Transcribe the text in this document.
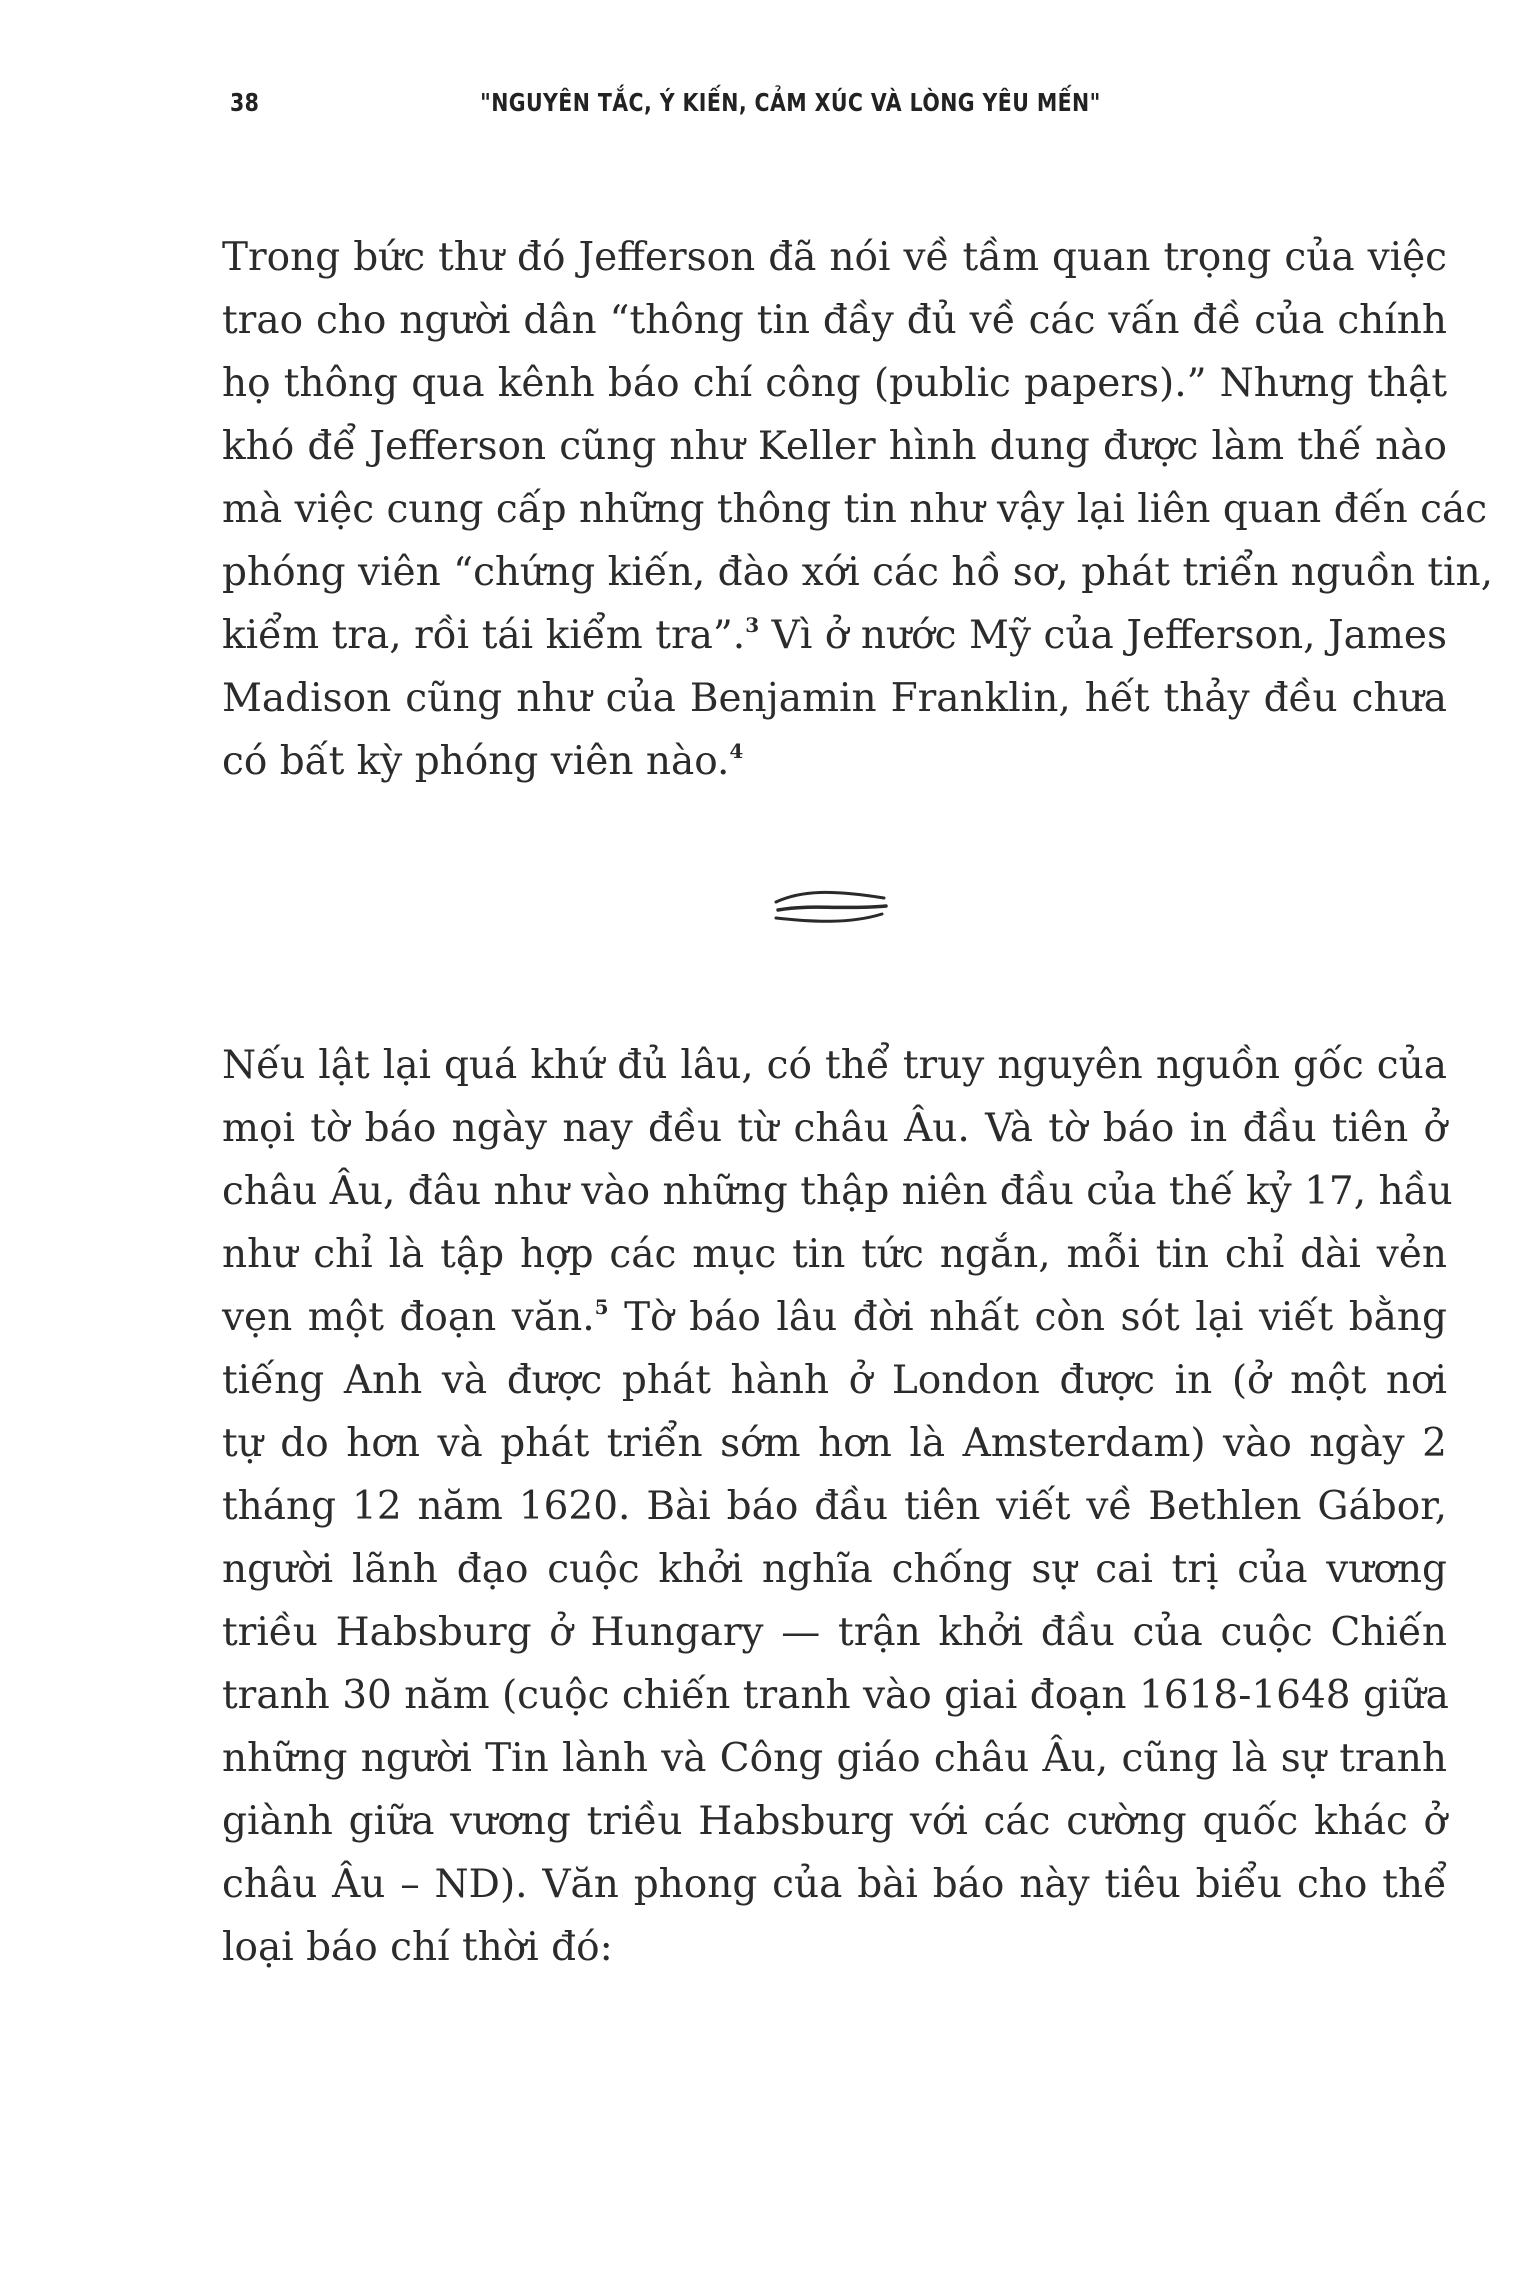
38	"NGUYÊN TẮC, Ý KIẾN, CẢM XÚC VÀ LÒNG YÊU MẾN"
Trong bức thư đó Jefferson đã nói về tầm quan trọng của việc
trao cho người dân “thông tin đầy đủ về các vấn đề của chính
họ thông qua kênh báo chí công (public papers).” Nhưng thật
khó để Jefferson cũng như Keller hình dung được làm thế nào
mà việc cung cấp những thông tin như vậy lại liên quan đến các
phóng viên “chứng kiến, đào xới các hồ sơ, phát triển nguồn tin,
kiểm tra, rồi tái kiểm tra”.$^3$ Vì ở nước Mỹ của Jefferson, James
Madison cũng như của Benjamin Franklin, hết thảy đều chưa
có bất kỳ phóng viên nào.$^4$
Nếu lật lại quá khứ đủ lâu, có thể truy nguyên nguồn gốc của
mọi tờ báo ngày nay đều từ châu Âu. Và tờ báo in đầu tiên ở
châu Âu, đâu như vào những thập niên đầu của thế kỷ 17, hầu
như chỉ là tập hợp các mục tin tức ngắn, mỗi tin chỉ dài vẻn
vẹn một đoạn văn.$^5$ Tờ báo lâu đời nhất còn sót lại viết bằng
tiếng Anh và được phát hành ở London được in (ở một nơi
tự do hơn và phát triển sớm hơn là Amsterdam) vào ngày 2
tháng 12 năm 1620. Bài báo đầu tiên viết về Bethlen Gábor,
người lãnh đạo cuộc khởi nghĩa chống sự cai trị của vương
triều Habsburg ở Hungary — trận khởi đầu của cuộc Chiến
tranh 30 năm (cuộc chiến tranh vào giai đoạn 1618-1648 giữa
những người Tin lành và Công giáo châu Âu, cũng là sự tranh
giành giữa vương triều Habsburg với các cường quốc khác ở
châu Âu – ND). Văn phong của bài báo này tiêu biểu cho thể
loại báo chí thời đó:
